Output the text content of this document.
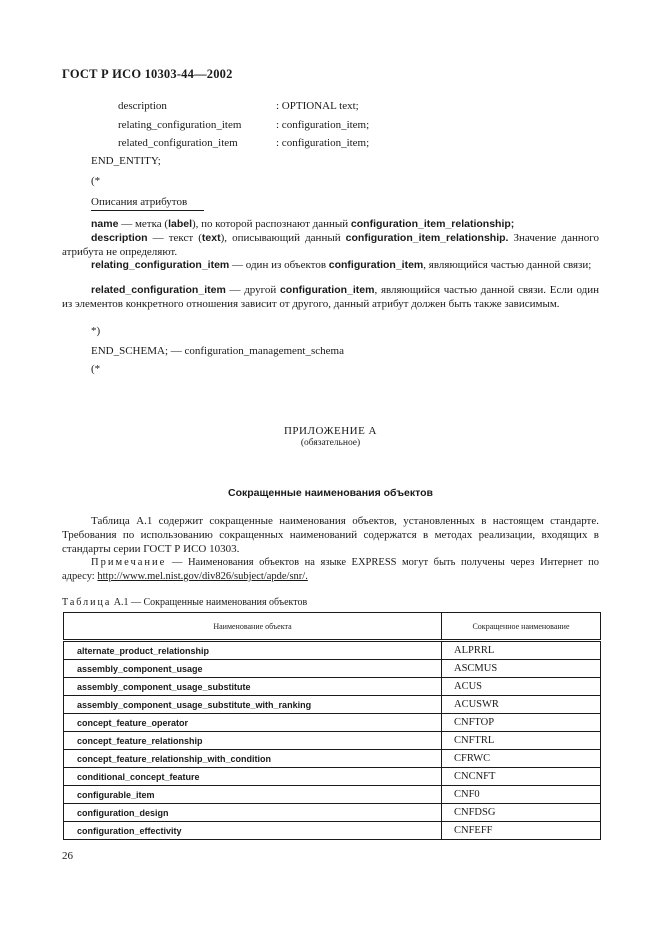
ГОСТ Р ИСО 10303-44—2002
description	: OPTIONAL text;
relating_configuration_item	: configuration_item;
related_configuration_item	: configuration_item;
END_ENTITY;
(*
Описания атрибутов
name — метка (label), по которой распознают данный configuration_item_relationship;
description — текст (text), описывающий данный configuration_item_relationship. Значение данного атрибута не определяют.
relating_configuration_item — один из объектов configuration_item, являющийся частью данной связи;
related_configuration_item — другой configuration_item, являющийся частью данной связи. Если один из элементов конкретного отношения зависит от другого, данный атрибут должен быть также зависимым.
*)
END_SCHEMA; — configuration_management_schema
(*
ПРИЛОЖЕНИЕ А
(обязательное)
Сокращенные наименования объектов
Таблица А.1 содержит сокращенные наименования объектов, установленных в настоящем стандарте. Требования по использованию сокращенных наименований содержатся в методах реализации, входящих в стандарты серии ГОСТ Р ИСО 10303.
Примечание — Наименования объектов на языке EXPRESS могут быть получены через Интернет по адресу: http://www.mel.nist.gov/div826/subject/apde/snr/.
Таблица А.1 — Сокращенные наименования объектов
Наименование объекта	Сокращенное наименование
alternate_product_relationship	ALPRRL
assembly_component_usage	ASCMUS
assembly_component_usage_substitute	ACUS
assembly_component_usage_substitute_with_ranking	ACUSWR
concept_feature_operator	CNFTOP
concept_feature_relationship	CNFTRL
concept_feature_relationship_with_condition	CFRWC
conditional_concept_feature	CNCNFT
configurable_item	CNF0
configuration_design	CNFDSG
configuration_effectivity	CNFEFF
26
